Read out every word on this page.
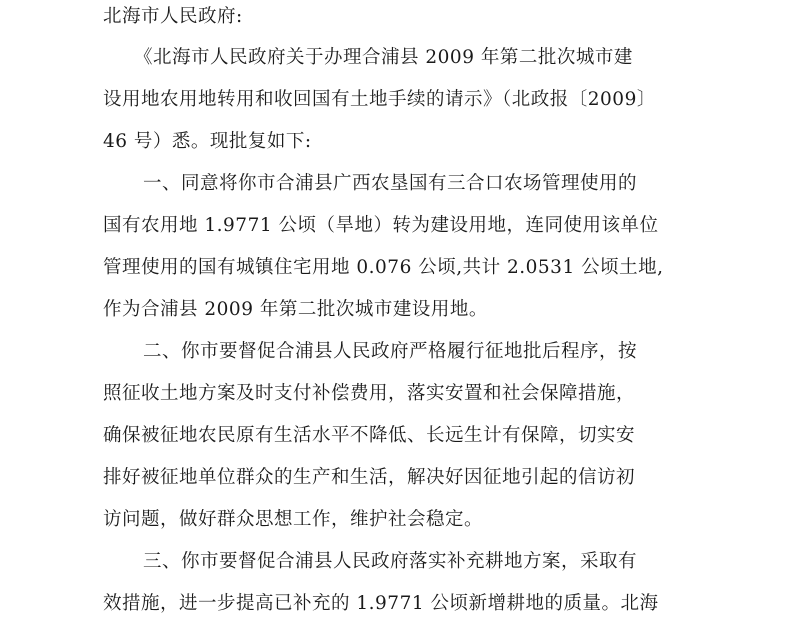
北海市人民政府:
《北海市人民政府关于办理合浦县 2009 年第二批次城市建
设用地农用地转用和收回国有土地手续的请示》（北政报〔2009〕
46 号）悉。现批复如下:
一、同意将你市合浦县广西农垦国有三合口农场管理使用的
国有农用地 1.9771 公顷（旱地）转为建设用地，连同使用该单位
管理使用的国有城镇住宅用地 0.076 公顷,共计 2.0531 公顷土地,
作为合浦县 2009 年第二批次城市建设用地。
二、你市要督促合浦县人民政府严格履行征地批后程序，按
照征收土地方案及时支付补偿费用，落实安置和社会保障措施，
确保被征地农民原有生活水平不降低、长远生计有保障，切实安
排好被征地单位群众的生产和生活，解决好因征地引起的信访初
访问题，做好群众思想工作，维护社会稳定。
三、你市要督促合浦县人民政府落实补充耕地方案，采取有
效措施，进一步提高已补充的 1.9771 公顷新增耕地的质量。北海
